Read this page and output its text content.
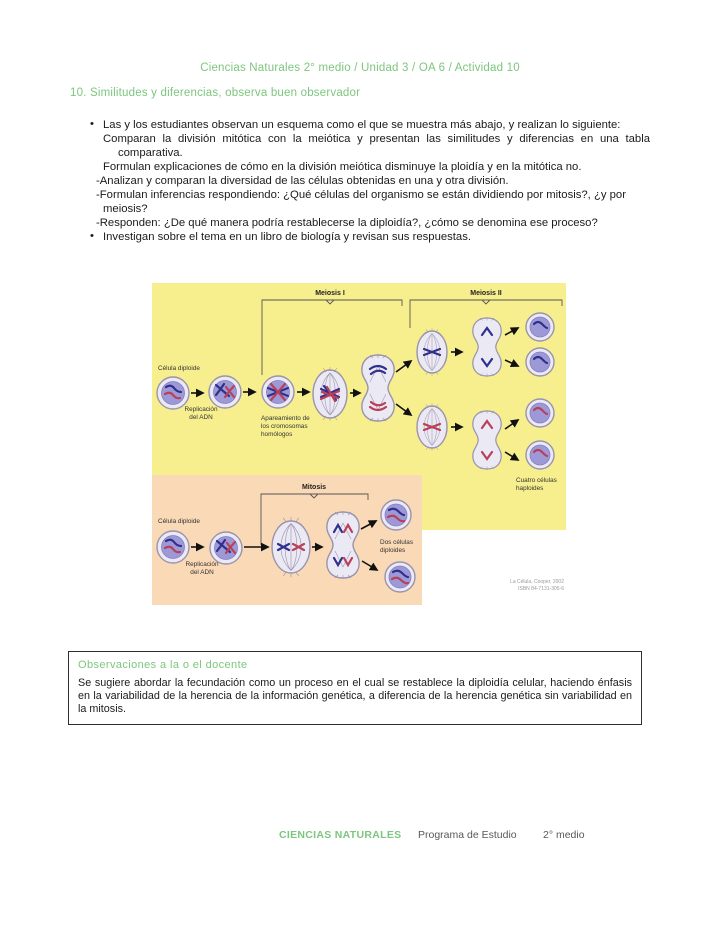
Ciencias Naturales 2° medio / Unidad 3 / OA 6 / Actividad 10
10. Similitudes y diferencias, observa buen observador
• Las y los estudiantes observan un esquema como el que se muestra más abajo, y realizan lo siguiente:
Comparan la división mitótica con la meiótica y presentan las similitudes y diferencias en una tabla comparativa.
Formulan explicaciones de cómo en la división meiótica disminuye la ploidía y en la mitótica no.
-Analizan y comparan la diversidad de las células obtenidas en una y otra división.
-Formulan inferencias respondiendo: ¿Qué células del organismo se están dividiendo por mitosis?, ¿y por meiosis?
-Responden: ¿De qué manera podría restablecerse la diploidía?, ¿cómo se denomina ese proceso?
• Investigan sobre el tema en un libro de biología y revisan sus respuestas.
Meiosis I	Meiosis II
Célula diploide
Replicación
del ADN	Apareamiento de
los cromosomas
homólogos
Cuatro células
haploides
Mitosis
Célula diploide
Replicación
del ADN
Dos células
diploides
La Célula, Cooper, 2002
ISBN 84-7131-305-6
Observaciones a la o el docente
Se sugiere abordar la fecundación como un proceso en el cual se restablece la diploidía celular, haciendo énfasis en la variabilidad de la herencia de la información genética, a diferencia de la herencia genética sin variabilidad en la mitosis.
CIENCIAS NATURALES Programa de Estudio	2° medio
